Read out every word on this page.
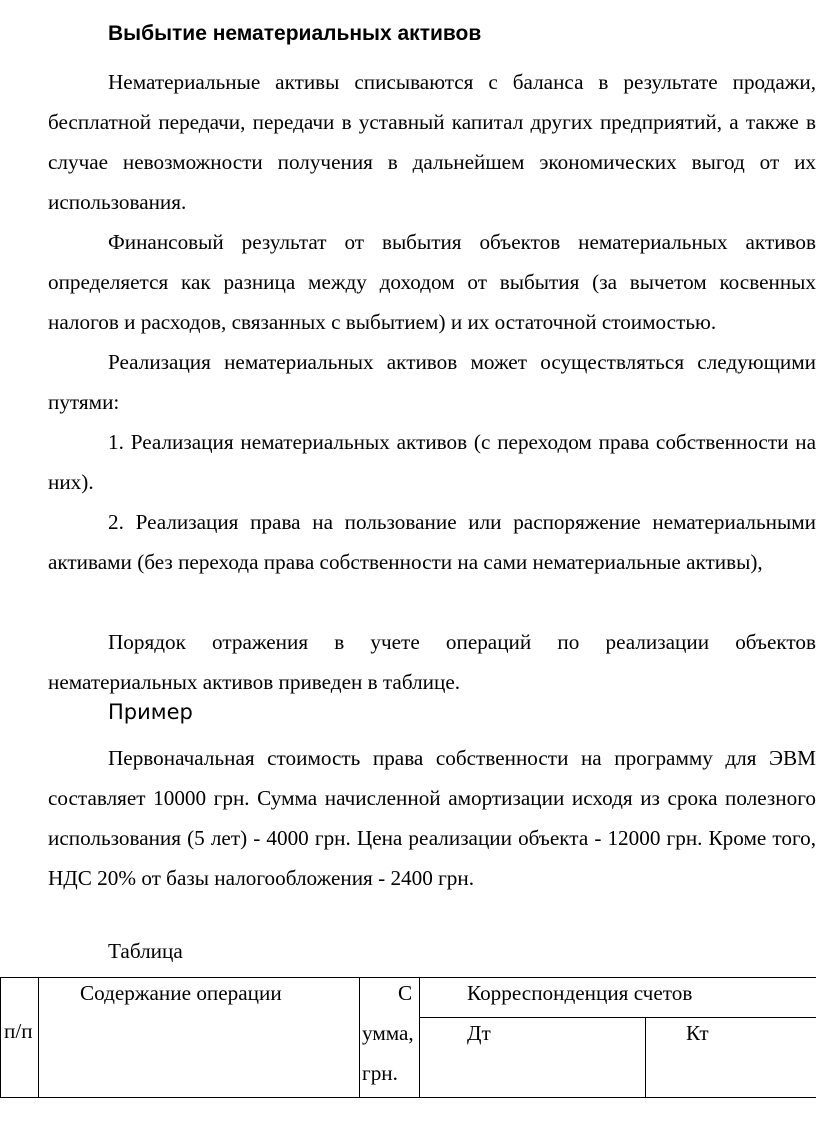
Выбытие нематериальных активов

Нематериальные активы списываются с баланса в результате продажи, бесплатной передачи, передачи в уставный капитал других предприятий, а также в случае невозможности получения в дальнейшем экономических выгод от их использования.

Финансовый результат от выбытия объектов нематериальных активов определяется как разница между доходом от выбытия (за вычетом косвенных налогов и расходов, связанных с выбытием) и их остаточной стоимостью.

Реализация нематериальных активов может осуществляться следующими путями:

1. Реализация нематериальных активов (с переходом права собственности на них).

2. Реализация права на пользование или распоряжение нематериальными активами (без перехода права собственности на сами нематериальные активы),

Порядок отражения в учете операций по реализации объектов нематериальных активов приведен в таблице.

Пример

Первоначальная стоимость права собственности на программу для ЭВМ составляет 10000 грн. Сумма начисленной амортизации исходя из срока полезного использования (5 лет) - 4000 грн. Цена реализации объекта - 12000 грн. Кроме того, НДС 20% от базы налогообложения - 2400 грн.

Таблица
п/п
Содержание операции	С
умма,
грн.
Корреспонденция счетов
Дт	Кт
